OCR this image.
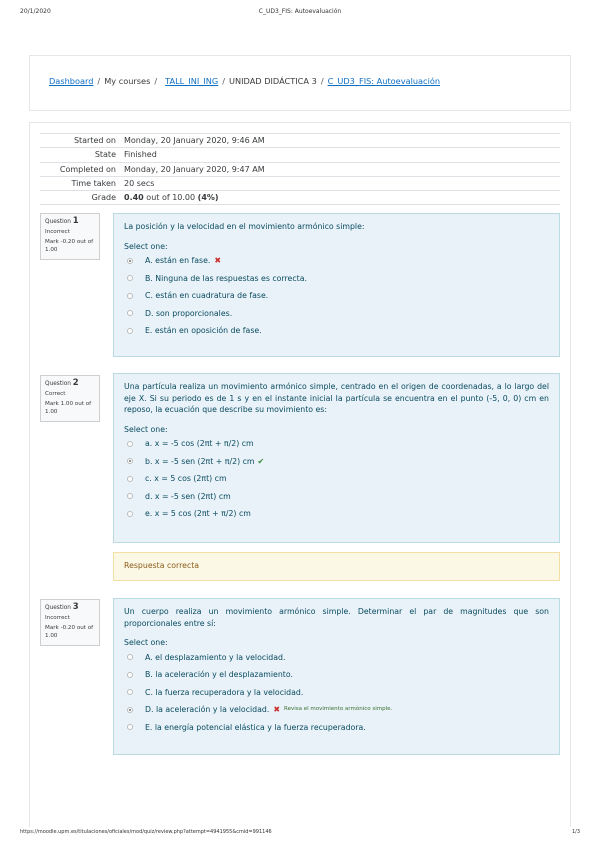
20/1/2020	C_UD3_FIS: Autoevaluación
Dashboard / My courses / TALL_INI_ING / UNIDAD DIDÁCTICA 3 / C_UD3_FIS: Autoevaluación
Started on	Monday, 20 January 2020, 9:46 AM
State	Finished
Completed on	Monday, 20 January 2020, 9:47 AM
Time taken	20 secs
Grade	0.40 out of 10.00 (4%)
Question 1
Incorrect
Mark -0.20 out of 1.00
La posición y la velocidad en el movimiento armónico simple:
Select one:
A. están en fase. ✖
B. Ninguna de las respuestas es correcta.
C. están en cuadratura de fase.
D. son proporcionales.
E. están en oposición de fase.
Question 2
Correct
Mark 1.00 out of 1.00
Una partícula realiza un movimiento armónico simple, centrado en el origen de coordenadas, a lo largo del eje X. Si su periodo es de 1 s y en el instante inicial la partícula se encuentra en el punto (-5, 0, 0) cm en reposo, la ecuación que describe su movimiento es:
Select one:
a. x = -5 cos (2πt + π/2) cm
b. x = -5 sen (2πt + π/2) cm ✔
c. x = 5 cos (2πt) cm
d. x = -5 sen (2πt) cm
e. x = 5 cos (2πt + π/2) cm
Respuesta correcta
Question 3
Incorrect
Mark -0.20 out of 1.00
Un cuerpo realiza un movimiento armónico simple. Determinar el par de magnitudes que son proporcionales entre sí:
Select one:
A. el desplazamiento y la velocidad.
B. la aceleración y el desplazamiento.
C. la fuerza recuperadora y la velocidad.
D. la aceleración y la velocidad. ✖ Revisa el movimiento armónico simple.
E. la energía potencial elástica y la fuerza recuperadora.
https://moodle.upm.es/titulaciones/oficiales/mod/quiz/review.php?attempt=4941955&cmid=991146	1/3
